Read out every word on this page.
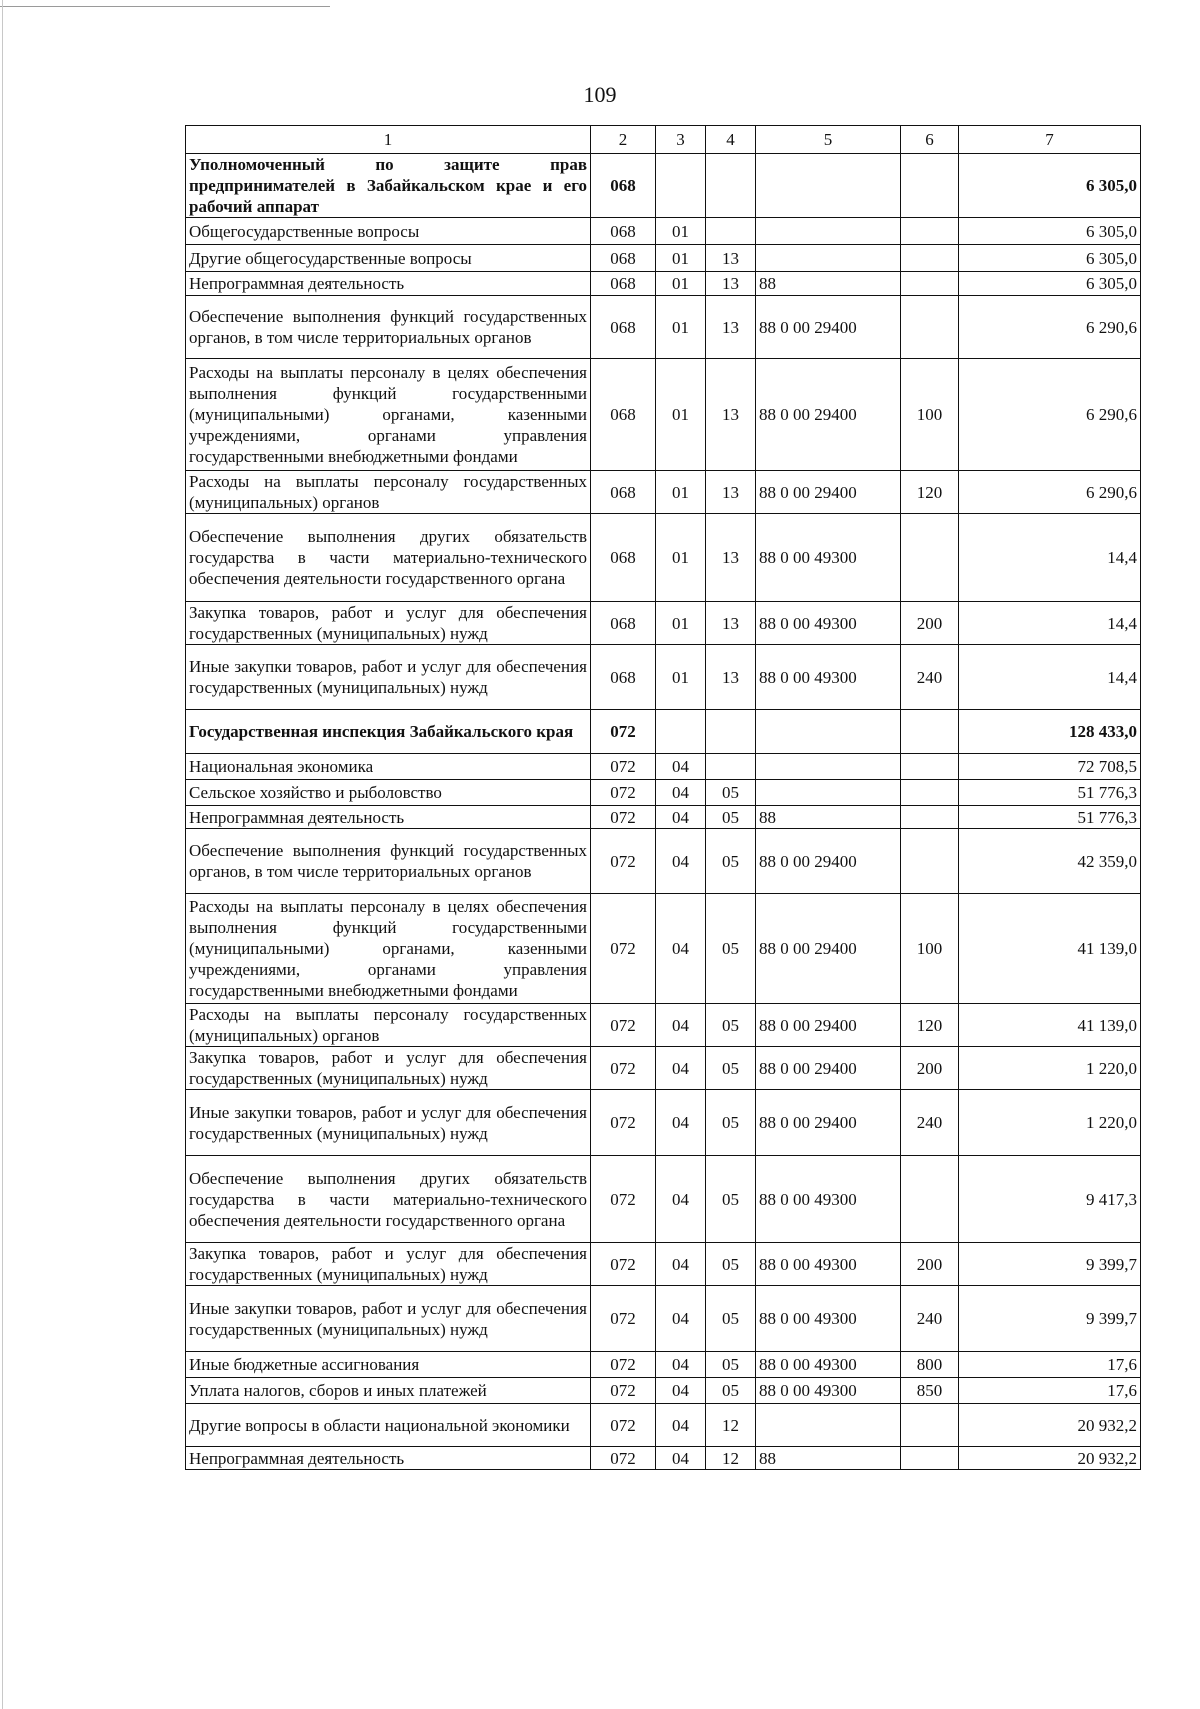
109
1	2	3	4	5	6	7
Уполномоченный по защите прав предпринимателей в Забайкальском крае и его рабочий аппарат	068					6 305,0
Общегосударственные вопросы	068	01				6 305,0
Другие общегосударственные вопросы	068	01	13			6 305,0
Непрограммная деятельность	068	01	13	88		6 305,0
Обеспечение выполнения функций государственных органов, в том числе территориальных органов	068	01	13	88 0 00 29400		6 290,6
Расходы на выплаты персоналу в целях обеспечения выполнения функций государственными (муниципальными) органами, казенными учреждениями, органами управления государственными внебюджетными фондами	068	01	13	88 0 00 29400	100	6 290,6
Расходы на выплаты персоналу государственных (муниципальных) органов	068	01	13	88 0 00 29400	120	6 290,6
Обеспечение выполнения других обязательств государства в части материально-технического обеспечения деятельности государственного органа	068	01	13	88 0 00 49300		14,4
Закупка товаров, работ и услуг для обеспечения государственных (муниципальных) нужд	068	01	13	88 0 00 49300	200	14,4
Иные закупки товаров, работ и услуг для обеспечения государственных (муниципальных) нужд	068	01	13	88 0 00 49300	240	14,4
Государственная инспекция Забайкальского края	072					128 433,0
Национальная экономика	072	04				72 708,5
Сельское хозяйство и рыболовство	072	04	05			51 776,3
Непрограммная деятельность	072	04	05	88		51 776,3
Обеспечение выполнения функций государственных органов, в том числе территориальных органов	072	04	05	88 0 00 29400		42 359,0
Расходы на выплаты персоналу в целях обеспечения выполнения функций государственными (муниципальными) органами, казенными учреждениями, органами управления государственными внебюджетными фондами	072	04	05	88 0 00 29400	100	41 139,0
Расходы на выплаты персоналу государственных (муниципальных) органов	072	04	05	88 0 00 29400	120	41 139,0
Закупка товаров, работ и услуг для обеспечения государственных (муниципальных) нужд	072	04	05	88 0 00 29400	200	1 220,0
Иные закупки товаров, работ и услуг для обеспечения государственных (муниципальных) нужд	072	04	05	88 0 00 29400	240	1 220,0
Обеспечение выполнения других обязательств государства в части материально-технического обеспечения деятельности государственного органа	072	04	05	88 0 00 49300		9 417,3
Закупка товаров, работ и услуг для обеспечения государственных (муниципальных) нужд	072	04	05	88 0 00 49300	200	9 399,7
Иные закупки товаров, работ и услуг для обеспечения государственных (муниципальных) нужд	072	04	05	88 0 00 49300	240	9 399,7
Иные бюджетные ассигнования	072	04	05	88 0 00 49300	800	17,6
Уплата налогов, сборов и иных платежей	072	04	05	88 0 00 49300	850	17,6
Другие вопросы в области национальной экономики	072	04	12			20 932,2
Непрограммная деятельность	072	04	12	88		20 932,2
